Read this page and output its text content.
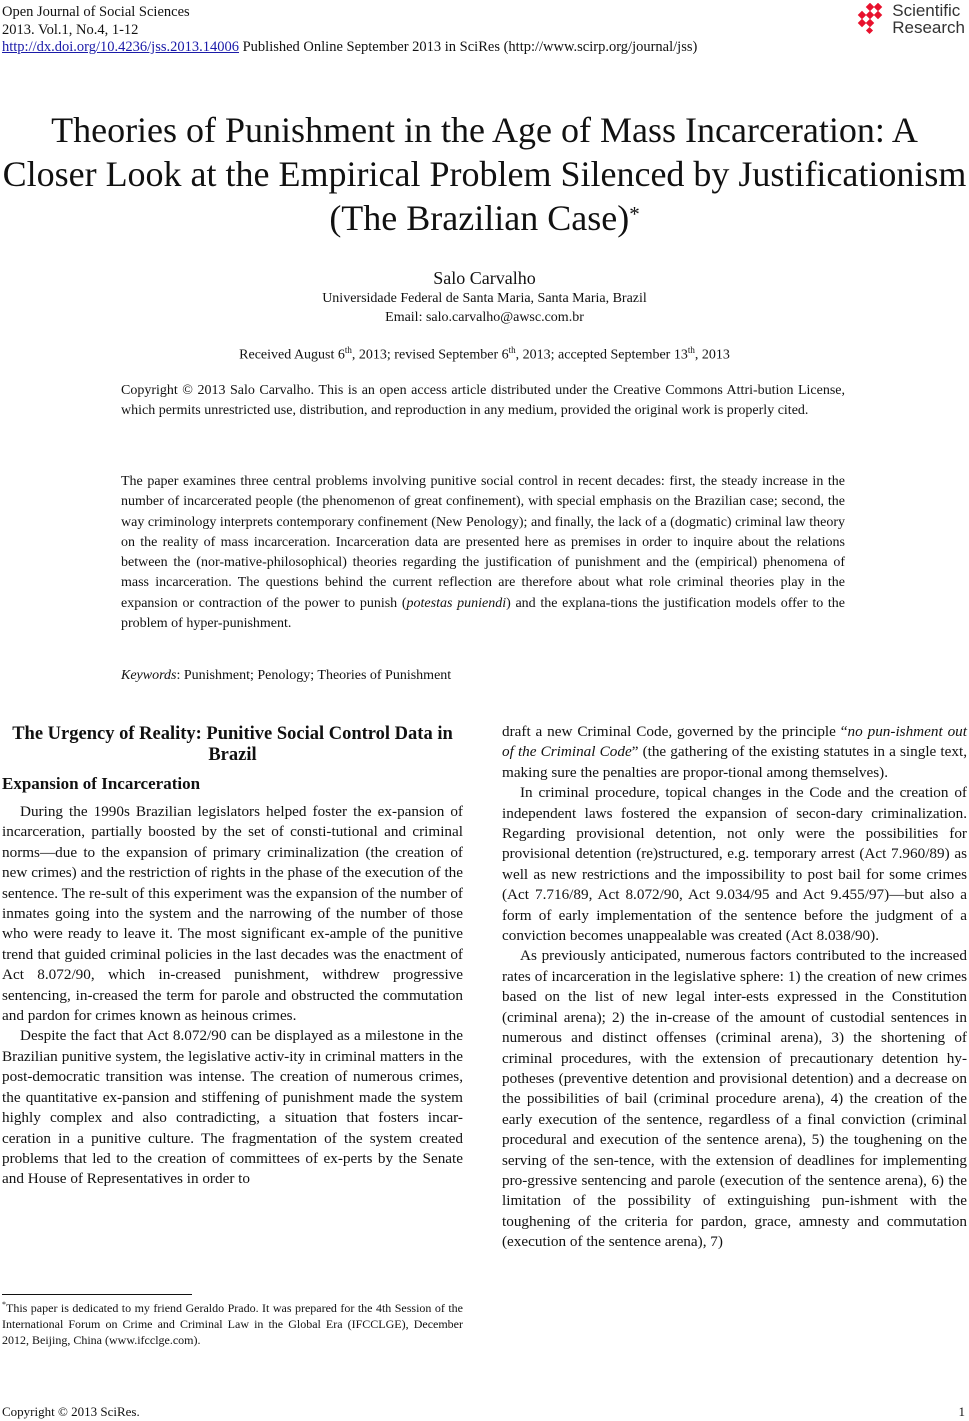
Open Journal of Social Sciences
2013. Vol.1, No.4, 1-12
http://dx.doi.org/10.4236/jss.2013.14006 Published Online September 2013 in SciRes (http://www.scirp.org/journal/jss)
Scientific
Research
Theories of Punishment in the Age of Mass Incarceration: A
Closer Look at the Empirical Problem Silenced by Justificationism
(The Brazilian Case)*
Salo Carvalho
Universidade Federal de Santa Maria, Santa Maria, Brazil
Email: salo.carvalho@awsc.com.br
Received August 6th, 2013; revised September 6th, 2013; accepted September 13th, 2013
Copyright © 2013 Salo Carvalho. This is an open access article distributed under the Creative Commons Attri-bution License, which permits unrestricted use, distribution, and reproduction in any medium, provided the original work is properly cited.
The paper examines three central problems involving punitive social control in recent decades: first, the steady increase in the number of incarcerated people (the phenomenon of great confinement), with special emphasis on the Brazilian case; second, the way criminology interprets contemporary confinement (New Penology); and finally, the lack of a (dogmatic) criminal law theory on the reality of mass incarceration. Incarceration data are presented here as premises in order to inquire about the relations between the (nor-mative-philosophical) theories regarding the justification of punishment and the (empirical) phenomena of mass incarceration. The questions behind the current reflection are therefore about what role criminal theories play in the expansion or contraction of the power to punish (potestas puniendi) and the explana-tions the justification models offer to the problem of hyper-punishment.
Keywords: Punishment; Penology; Theories of Punishment
The Urgency of Reality: Punitive Social Control Data in Brazil
Expansion of Incarceration

During the 1990s Brazilian legislators helped foster the ex-pansion of incarceration, partially boosted by the set of consti-tutional and criminal norms—due to the expansion of primary criminalization (the creation of new crimes) and the restriction of rights in the phase of the execution of the sentence. The re-sult of this experiment was the expansion of the number of inmates going into the system and the narrowing of the number of those who were ready to leave it. The most significant ex-ample of the punitive trend that guided criminal policies in the last decades was the enactment of Act 8.072/90, which in-creased punishment, withdrew progressive sentencing, in-creased the term for parole and obstructed the commutation and pardon for crimes known as heinous crimes.

Despite the fact that Act 8.072/90 can be displayed as a milestone in the Brazilian punitive system, the legislative activ-ity in criminal matters in the post-democratic transition was intense. The creation of numerous crimes, the quantitative ex-pansion and stiffening of punishment made the system highly complex and also contradicting, a situation that fosters incar-ceration in a punitive culture. The fragmentation of the system created problems that led to the creation of committees of ex-perts by the Senate and House of Representatives in order to

draft a new Criminal Code, governed by the principle “no pun-ishment out of the Criminal Code” (the gathering of the existing statutes in a single text, making sure the penalties are propor-tional among themselves).

In criminal procedure, topical changes in the Code and the creation of independent laws fostered the expansion of secon-dary criminalization. Regarding provisional detention, not only were the possibilities for provisional detention (re)structured, e.g. temporary arrest (Act 7.960/89) as well as new restrictions and the impossibility to post bail for some crimes (Act 7.716/89, Act 8.072/90, Act 9.034/95 and Act 9.455/97)—but also a form of early implementation of the sentence before the judgment of a conviction becomes unappealable was created (Act 8.038/90).

As previously anticipated, numerous factors contributed to the increased rates of incarceration in the legislative sphere: 1) the creation of new crimes based on the list of new legal inter-ests expressed in the Constitution (criminal arena); 2) the in-crease of the amount of custodial sentences in numerous and distinct offenses (criminal arena), 3) the shortening of criminal procedures, with the extension of precautionary detention hy-potheses (preventive detention and provisional detention) and a decrease on the possibilities of bail (criminal procedure arena), 4) the creation of the early execution of the sentence, regardless of a final conviction (criminal procedural and execution of the sentence arena), 5) the toughening on the serving of the sen-tence, with the extension of deadlines for implementing pro-gressive sentencing and parole (execution of the sentence arena), 6) the limitation of the possibility of extinguishing pun-ishment with the toughening of the criteria for pardon, grace, amnesty and commutation (execution of the sentence arena), 7)

*This paper is dedicated to my friend Geraldo Prado. It was prepared for the 4th Session of the International Forum on Crime and Criminal Law in the Global Era (IFCCLGE), December 2012, Beijing, China (www.ifcclge.com).
Copyright © 2013 SciRes.	1
